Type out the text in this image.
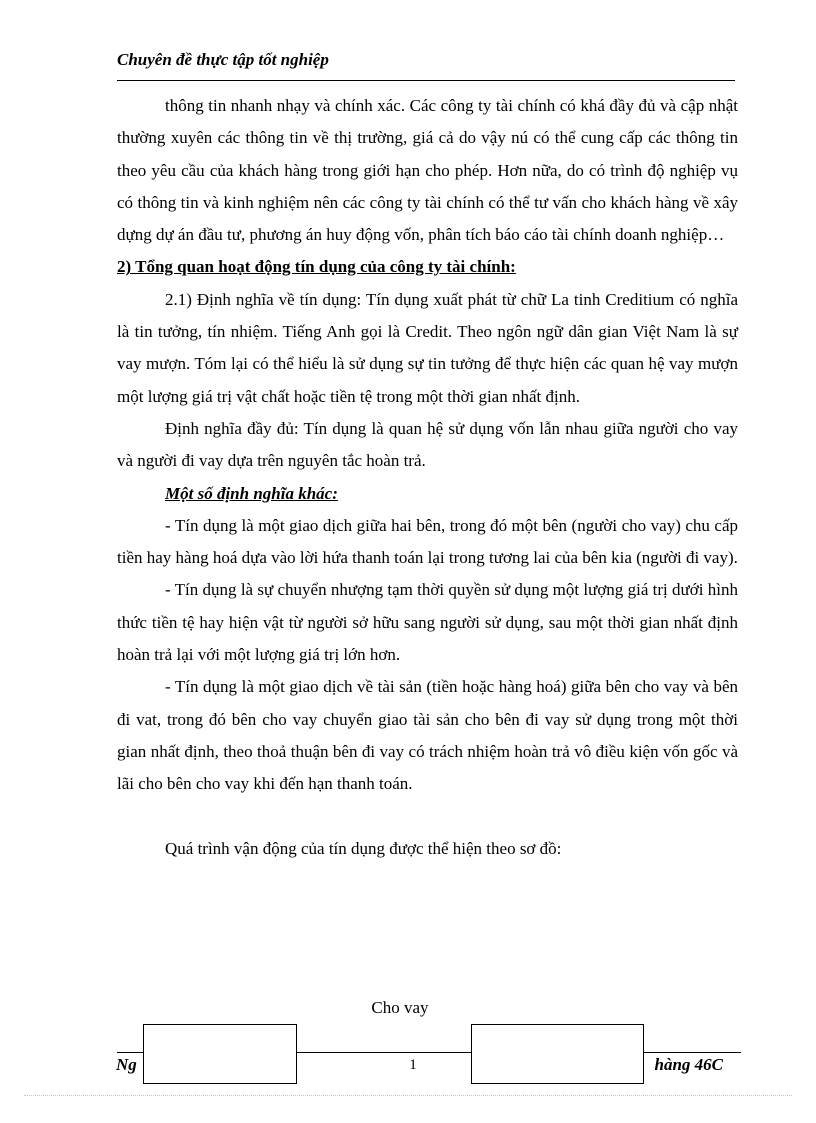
Chuyên đề thực tập tốt nghiệp

thông tin nhanh nhạy và chính xác. Các công ty tài chính có khá đầy đủ và cập nhật thường xuyên các thông tin về thị trường, giá cả do vậy nú có thể cung cấp các thông tin theo yêu cầu của khách hàng trong giới hạn cho phép. Hơn nữa, do có trình độ nghiệp vụ có thông tin và kinh nghiệm nên các công ty tài chính có thể tư vấn cho khách hàng về xây dựng dự án đầu tư, phương án huy động vốn, phân tích báo cáo tài chính doanh nghiệp…

2) Tổng quan hoạt động tín dụng của công ty tài chính:

2.1) Định nghĩa về tín dụng: Tín dụng xuất phát từ chữ La tinh Creditium có nghĩa là tin tưởng, tín nhiệm. Tiếng Anh gọi là Credit. Theo ngôn ngữ dân gian Việt Nam là sự vay mượn. Tóm lại có thể hiểu là sử dụng sự tin tưởng để thực hiện các quan hệ vay mượn một lượng giá trị vật chất hoặc tiền tệ trong một thời gian nhất định.

Định nghĩa đầy đủ: Tín dụng là quan hệ sử dụng vốn lẫn nhau giữa người cho vay và người đi vay dựa trên nguyên tắc hoàn trả.

Một số định nghĩa khác:

- Tín dụng là một giao dịch giữa hai bên, trong đó một bên (người cho vay) chu cấp tiền hay hàng hoá dựa vào lời hứa thanh toán lại trong tương lai của bên kia (người đi vay).

- Tín dụng là sự chuyển nhượng tạm thời quyền sử dụng một lượng giá trị dưới hình thức tiền tệ hay hiện vật từ người sở hữu sang người sử dụng, sau một thời gian nhất định hoàn trả lại với một lượng giá trị lớn hơn.

- Tín dụng là một giao dịch về tài sản (tiền hoặc hàng hoá) giữa bên cho vay và bên đi vat, trong đó bên cho vay chuyển giao tài sản cho bên đi vay sử dụng trong một thời gian nhất định, theo thoả thuận bên đi vay có trách nhiệm hoàn trả vô điều kiện vốn gốc và lãi cho bên cho vay khi đến hạn thanh toán.

Quá trình vận động của tín dụng được thể hiện theo sơ đồ:

Ng	1	hàng 46C
Cho vay
